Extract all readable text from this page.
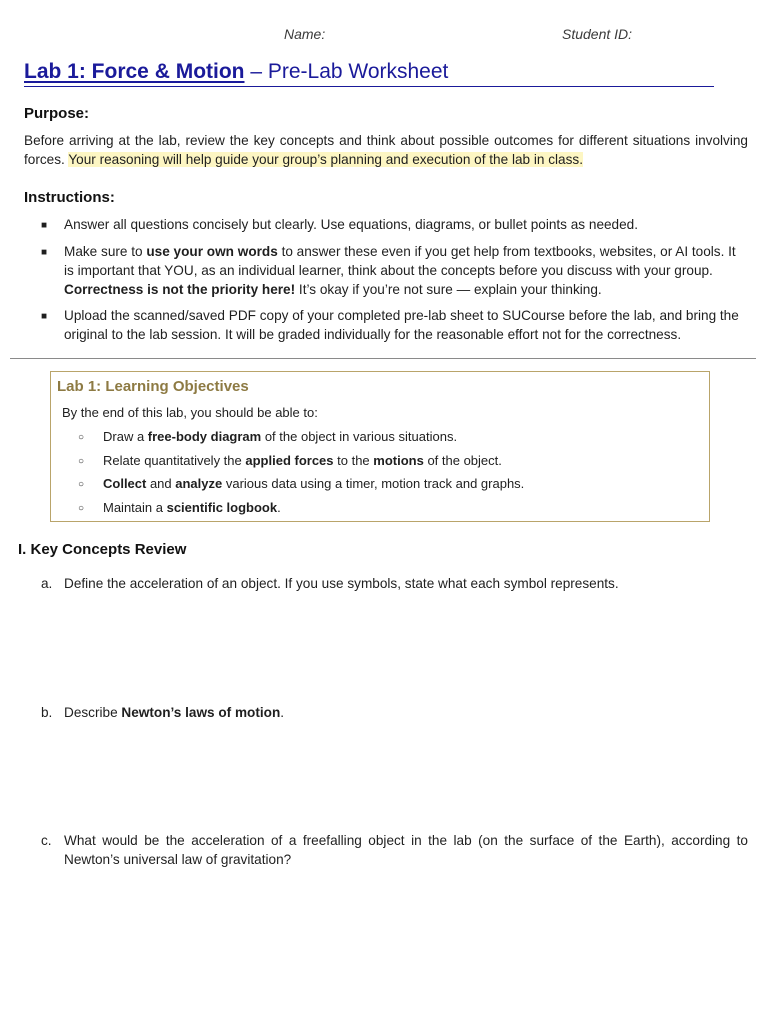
Name:	Student ID:
Lab 1: Force & Motion – Pre-Lab Worksheet
Purpose:
Before arriving at the lab, review the key concepts and think about possible outcomes for different situations involving forces. Your reasoning will help guide your group’s planning and execution of the lab in class.
Instructions:
■	Answer all questions concisely but clearly. Use equations, diagrams, or bullet points as needed.
■	Make sure to use your own words to answer these even if you get help from textbooks, websites, or AI tools. It is important that YOU, as an individual learner, think about the concepts before you discuss with your group. Correctness is not the priority here! It’s okay if you’re not sure — explain your thinking.
■	Upload the scanned/saved PDF copy of your completed pre-lab sheet to SUCourse before the lab, and bring the original to the lab session. It will be graded individually for the reasonable effort not for the correctness.
Lab 1: Learning Objectives
By the end of this lab, you should be able to:
○	Draw a free-body diagram of the object in various situations.
○	Relate quantitatively the applied forces to the motions of the object.
○	Collect and analyze various data using a timer, motion track and graphs.
○	Maintain a scientific logbook.
I. Key Concepts Review
a. Define the acceleration of an object. If you use symbols, state what each symbol represents.
b. Describe Newton’s laws of motion.
c. What would be the acceleration of a freefalling object in the lab (on the surface of the Earth), according to Newton’s universal law of gravitation?
